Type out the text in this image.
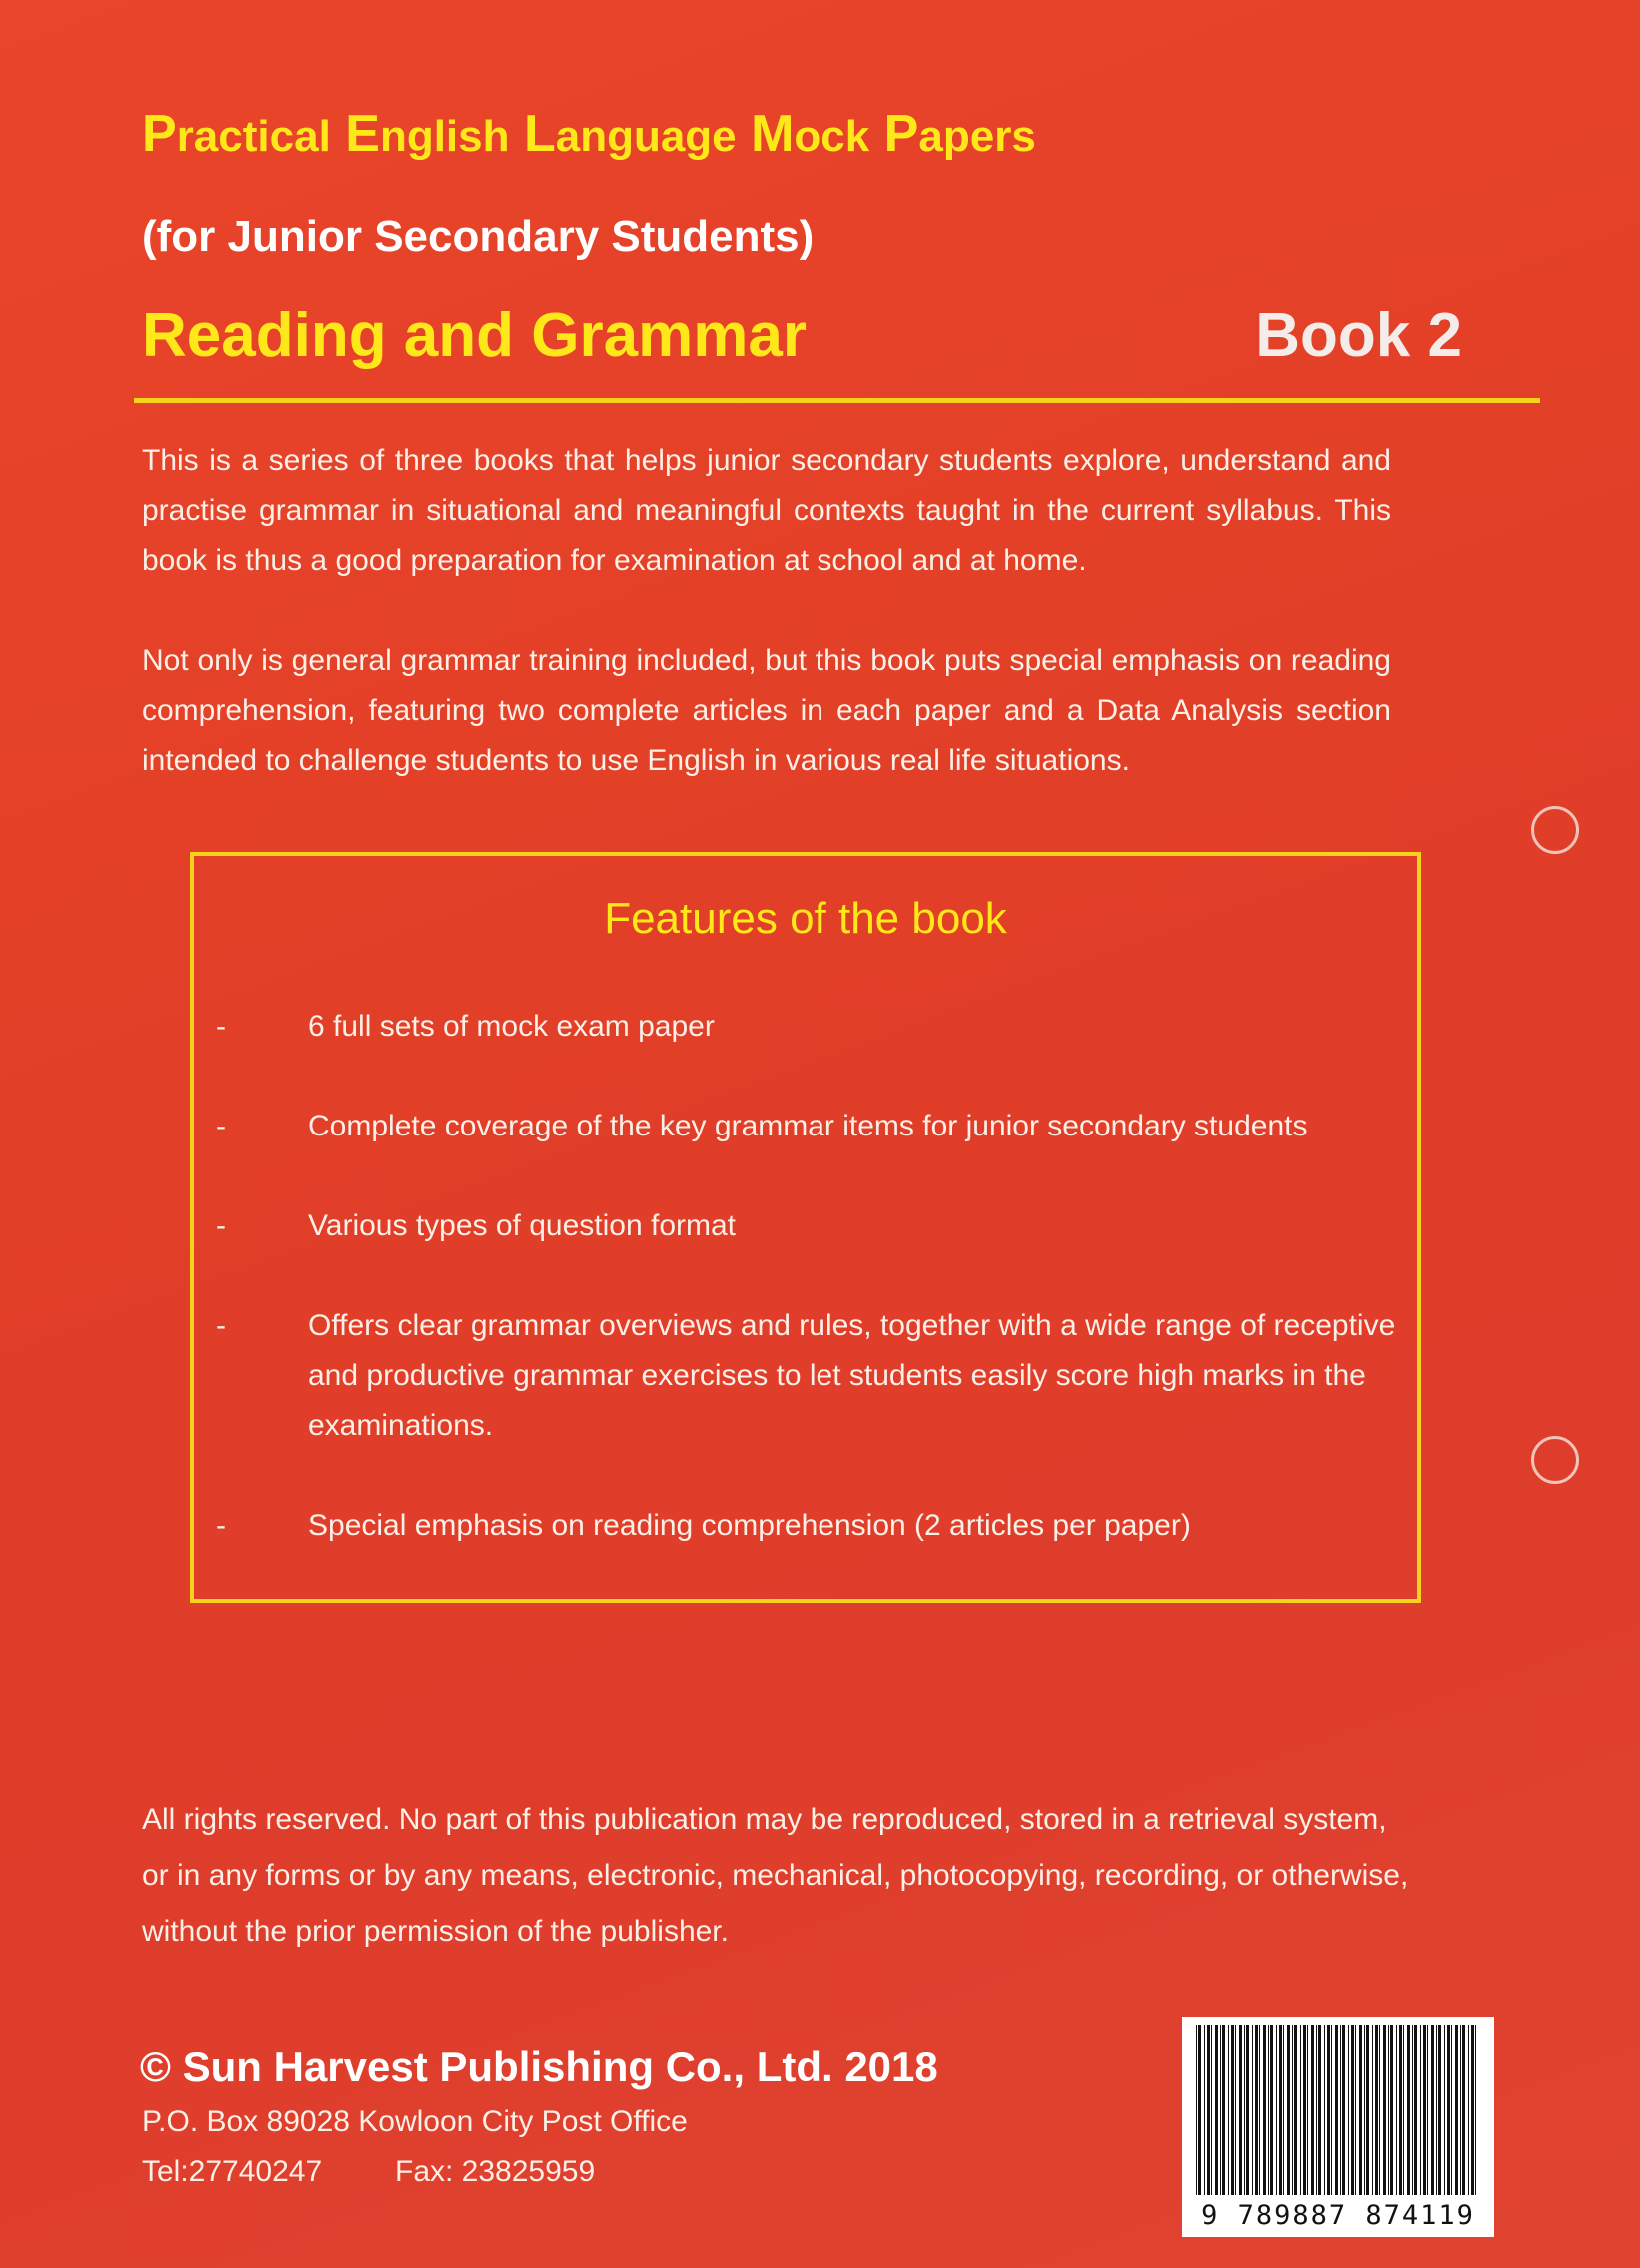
Practical English Language Mock Papers
(for Junior Secondary Students)
Reading and Grammar	Book 2
This is a series of three books that helps junior secondary students explore, understand and practise grammar in situational and meaningful contexts taught in the current syllabus. This book is thus a good preparation for examination at school and at home.
Not only is general grammar training included, but this book puts special emphasis on reading comprehension, featuring two complete articles in each paper and a Data Analysis section intended to challenge students to use English in various real life situations.
Features of the book
-	6 full sets of mock exam paper
-	Complete coverage of the key grammar items for junior secondary students
-	Various types of question format
-	Offers clear grammar overviews and rules, together with a wide range of receptive and productive grammar exercises to let students easily score high marks in the examinations.
-	Special emphasis on reading comprehension (2 articles per paper)
All rights reserved. No part of this publication may be reproduced, stored in a retrieval system, or in any forms or by any means, electronic, mechanical, photocopying, recording, or otherwise, without the prior permission of the publisher.
© Sun Harvest Publishing Co., Ltd. 2018
P.O. Box 89028 Kowloon City Post Office
Tel:27740247 Fax: 23825959
9 789887 874119
